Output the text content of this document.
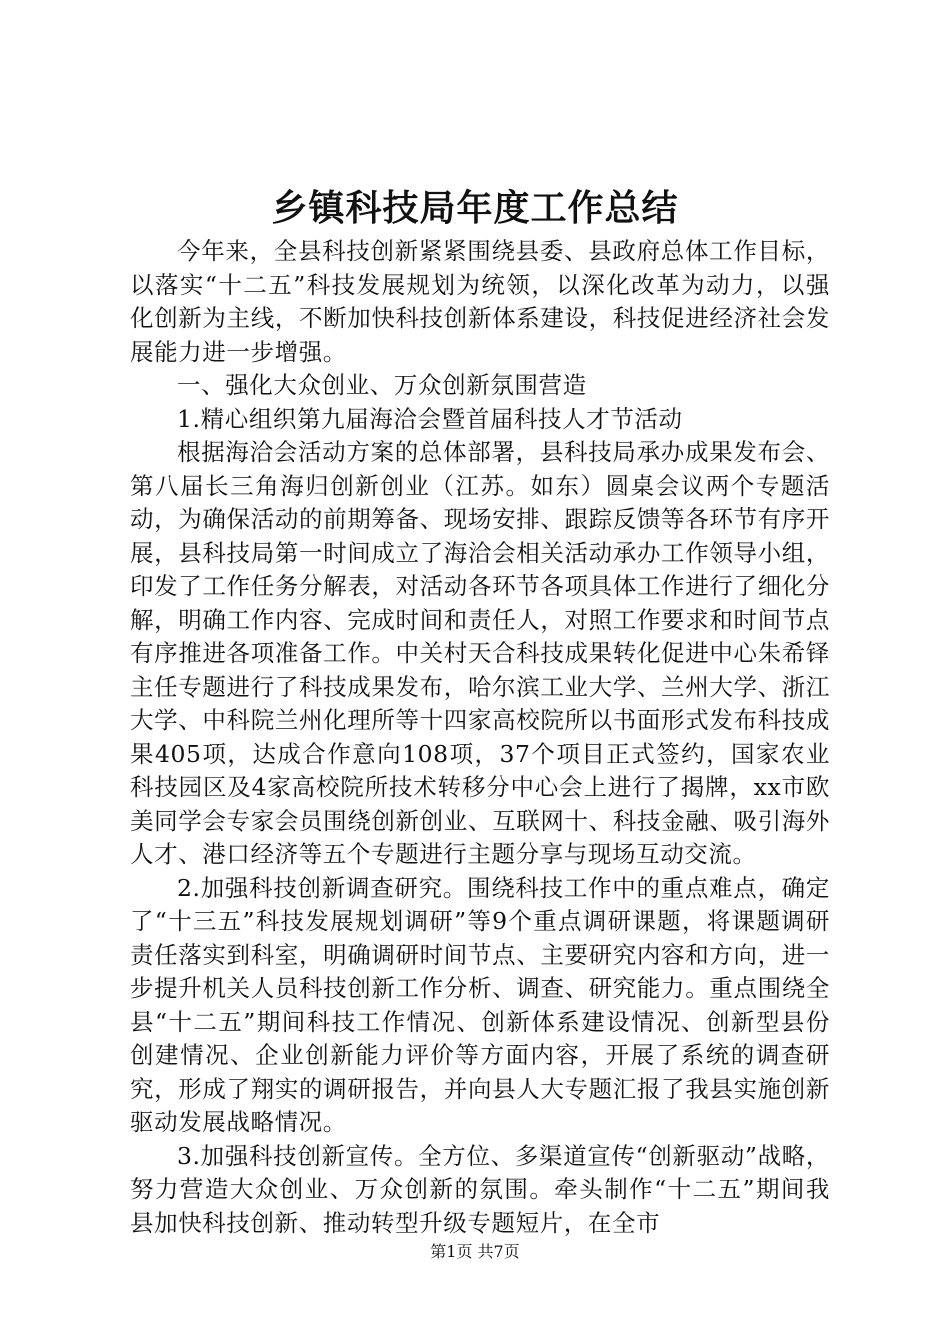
乡镇科技局年度工作总结

今年来，全县科技创新紧紧围绕县委、县政府总体工作目标，以落实“十二五”科技发展规划为统领，以深化改革为动力，以强化创新为主线，不断加快科技创新体系建设，科技促进经济社会发展能力进一步增强。

一、强化大众创业、万众创新氛围营造

1.精心组织第九届海洽会暨首届科技人才节活动

根据海洽会活动方案的总体部署，县科技局承办成果发布会、第八届长三角海归创新创业（江苏。如东）圆桌会议两个专题活动，为确保活动的前期筹备、现场安排、跟踪反馈等各环节有序开展，县科技局第一时间成立了海洽会相关活动承办工作领导小组，印发了工作任务分解表，对活动各环节各项具体工作进行了细化分解，明确工作内容、完成时间和责任人，对照工作要求和时间节点有序推进各项准备工作。中关村天合科技成果转化促进中心朱希铎主任专题进行了科技成果发布，哈尔滨工业大学、兰州大学、浙江大学、中科院兰州化理所等十四家高校院所以书面形式发布科技成果405项，达成合作意向108项，37个项目正式签约，国家农业科技园区及4家高校院所技术转移分中心会上进行了揭牌，xx市欧美同学会专家会员围绕创新创业、互联网十、科技金融、吸引海外人才、港口经济等五个专题进行主题分享与现场互动交流。

2.加强科技创新调查研究。围绕科技工作中的重点难点，确定了“十三五”科技发展规划调研”等9个重点调研课题，将课题调研责任落实到科室，明确调研时间节点、主要研究内容和方向，进一步提升机关人员科技创新工作分析、调查、研究能力。重点围绕全县“十二五”期间科技工作情况、创新体系建设情况、创新型县份创建情况、企业创新能力评价等方面内容，开展了系统的调查研究，形成了翔实的调研报告，并向县人大专题汇报了我县实施创新驱动发展战略情况。

3.加强科技创新宣传。全方位、多渠道宣传“创新驱动”战略，努力营造大众创业、万众创新的氛围。牵头制作“十二五”期间我县加快科技创新、推动转型升级专题短片，在全市

第1页 共7页
